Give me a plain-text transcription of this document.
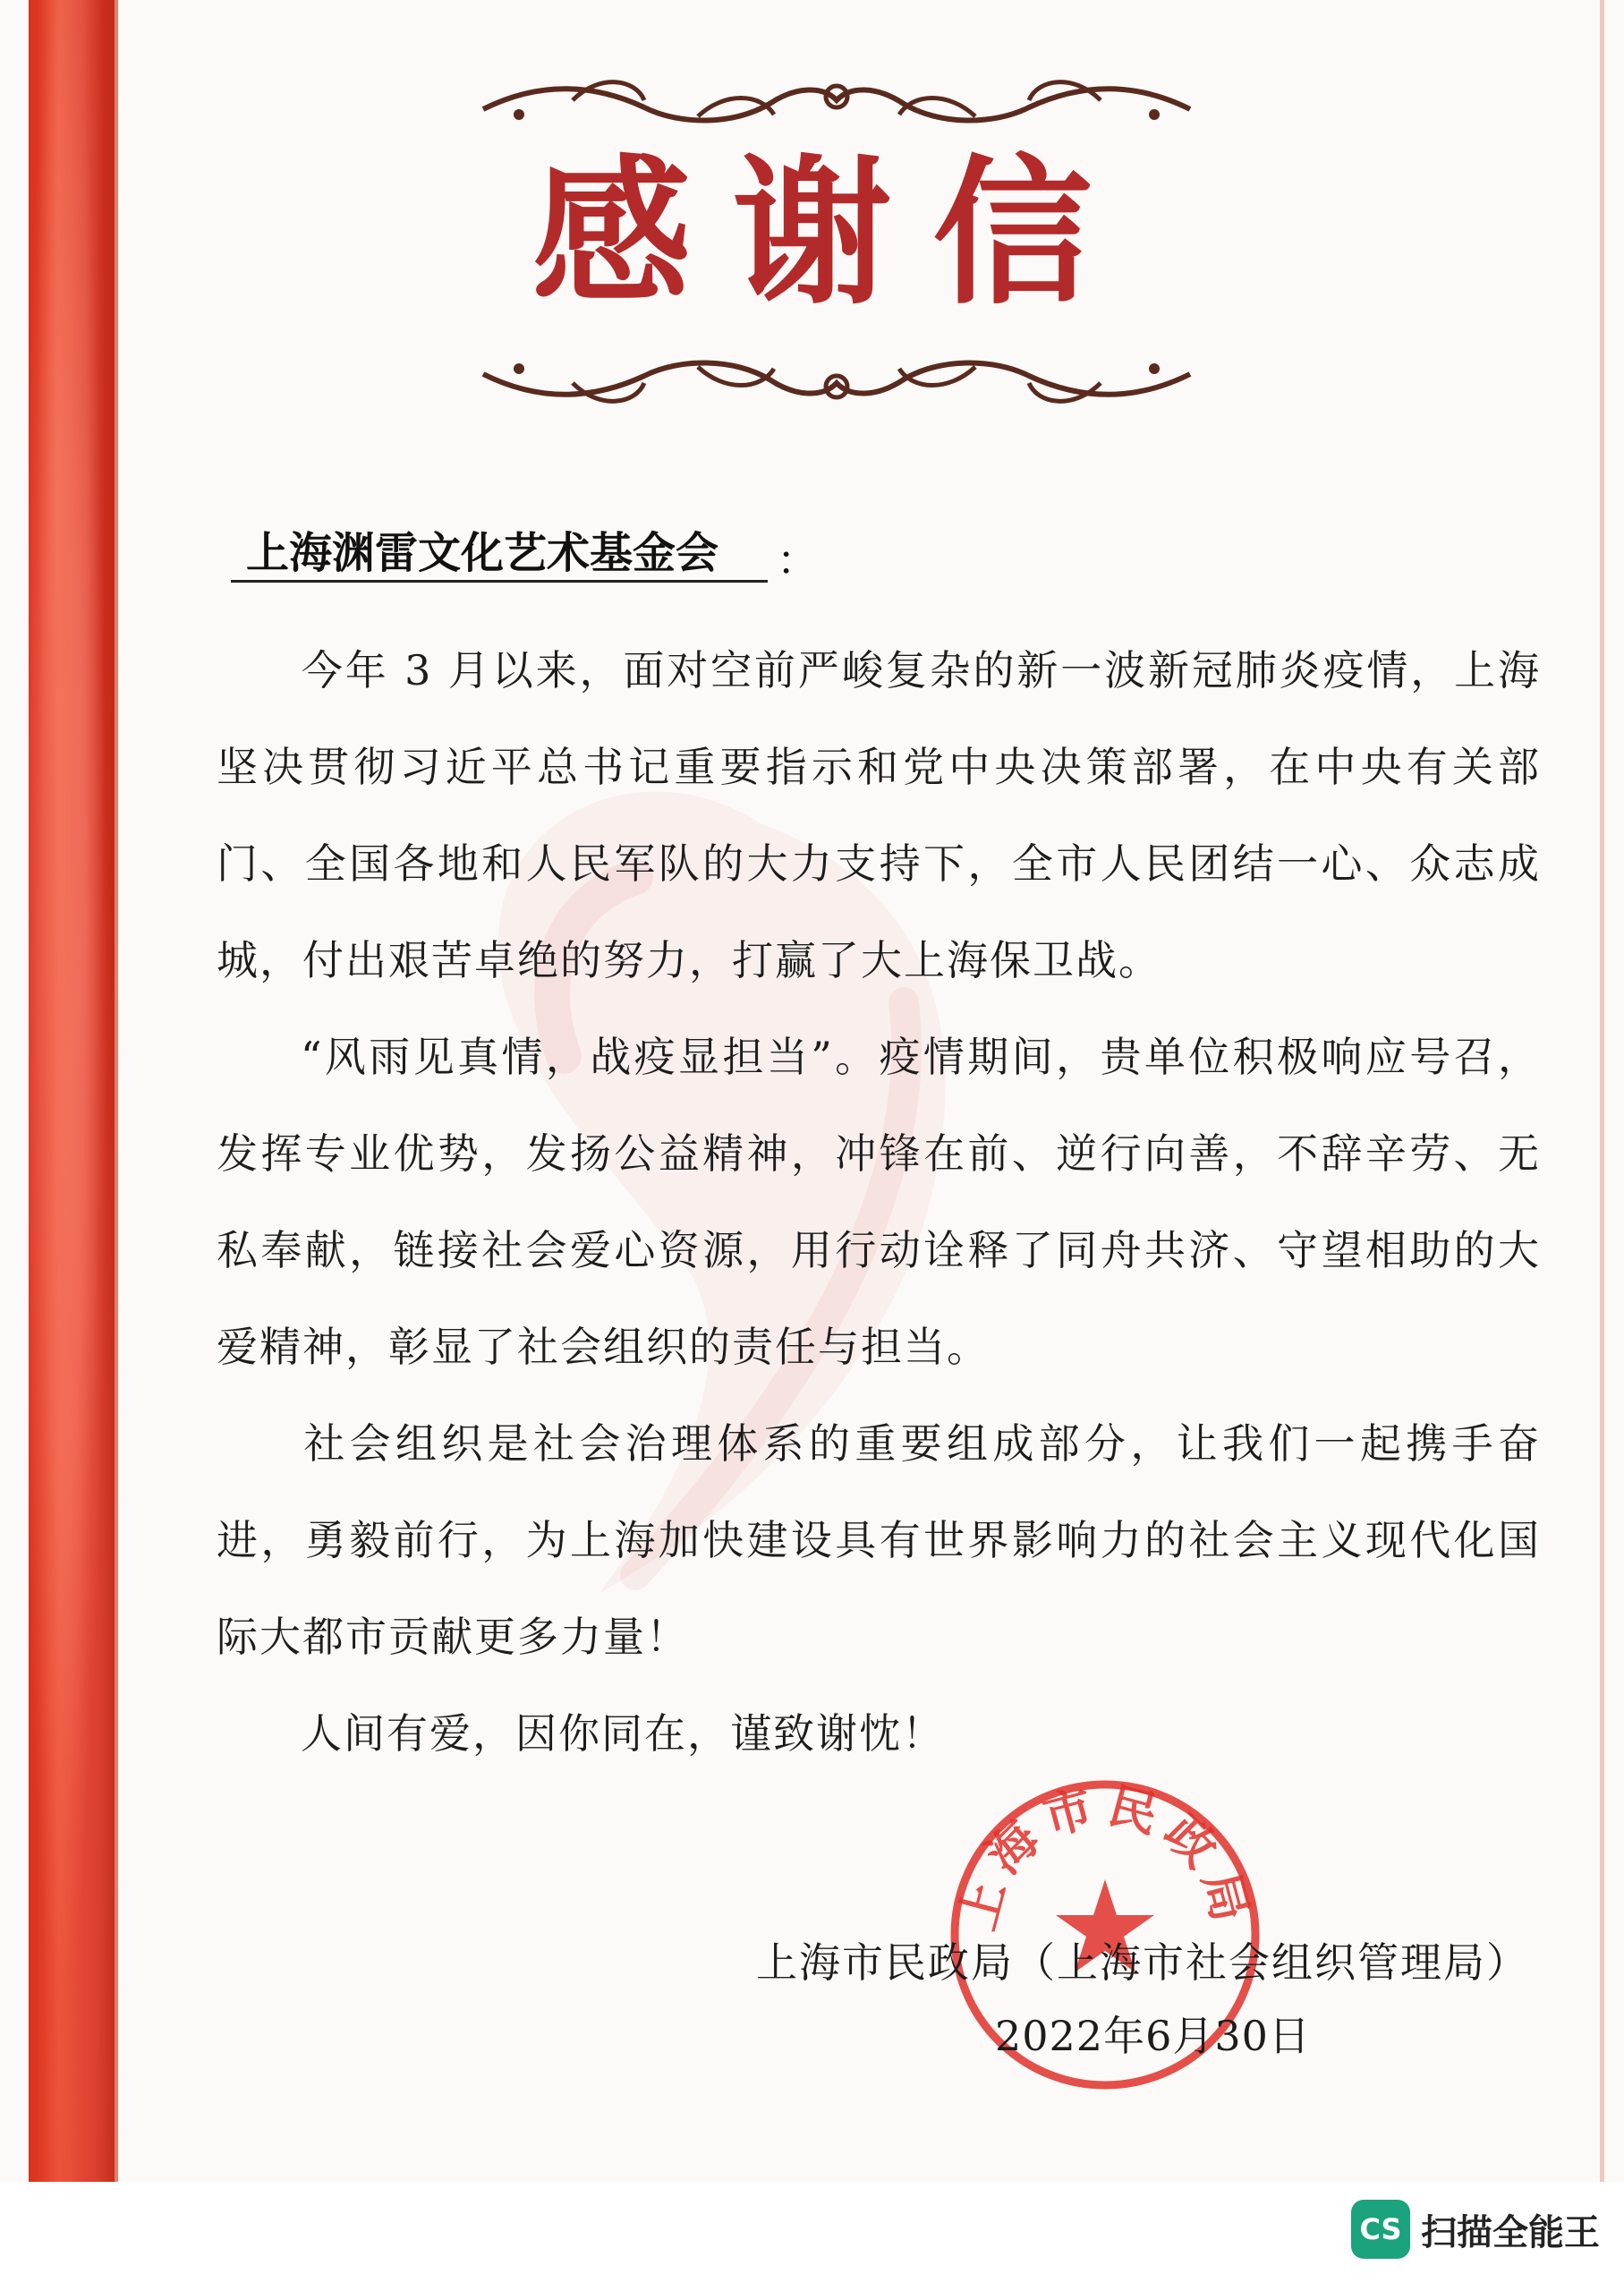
感谢信
上海渊雷文化艺术基金会 ：
今年 3 月以来，面对空前严峻复杂的新一波新冠肺炎疫情，上海坚决贯彻习近平总书记重要指示和党中央决策部署，在中央有关部门、全国各地和人民军队的大力支持下，全市人民团结一心、众志成城，付出艰苦卓绝的努力，打赢了大上海保卫战。
“风雨见真情，战疫显担当”。疫情期间，贵单位积极响应号召，发挥专业优势，发扬公益精神，冲锋在前、逆行向善，不辞辛劳、无私奉献，链接社会爱心资源，用行动诠释了同舟共济、守望相助的大爱精神，彰显了社会组织的责任与担当。
社会组织是社会治理体系的重要组成部分，让我们一起携手奋进，勇毅前行，为上海加快建设具有世界影响力的社会主义现代化国际大都市贡献更多力量！
人间有爱，因你同在，谨致谢忱！
上海市民政局
上海市民政局（上海市社会组织管理局）
2022年6月30日
CS 扫描全能王
